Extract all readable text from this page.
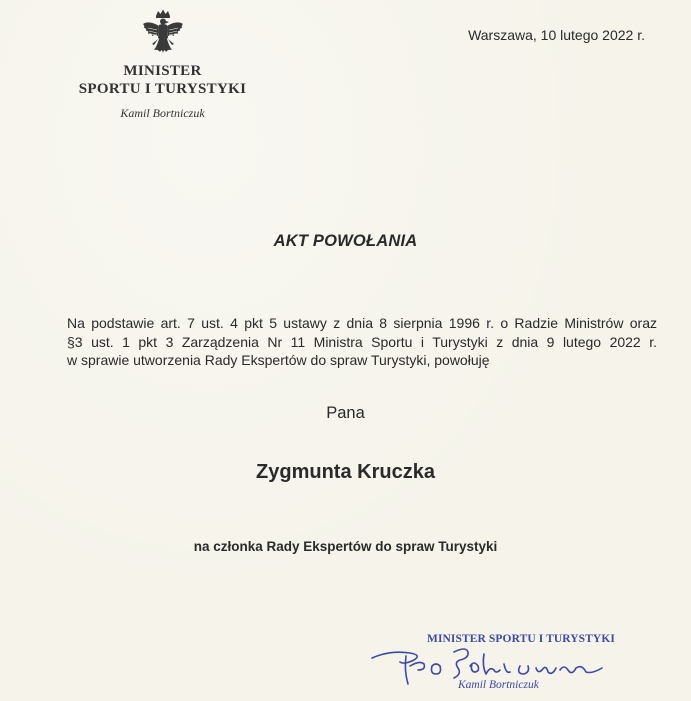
MINISTER
SPORTU I TURYSTYKI
Kamil Bortniczuk
Warszawa, 10 lutego 2022 r.
AKT POWOŁANIA
Na podstawie art. 7 ust. 4 pkt 5 ustawy z dnia 8 sierpnia 1996 r. o Radzie Ministrów oraz
§3 ust. 1 pkt 3 Zarządzenia Nr 11 Ministra Sportu i Turystyki z dnia 9 lutego 2022 r.
w sprawie utworzenia Rady Ekspertów do spraw Turystyki, powołuję
Pana
Zygmunta Kruczka
na członka Rady Ekspertów do spraw Turystyki
MINISTER SPORTU I TURYSTYKI
Kamil Bortniczuk
